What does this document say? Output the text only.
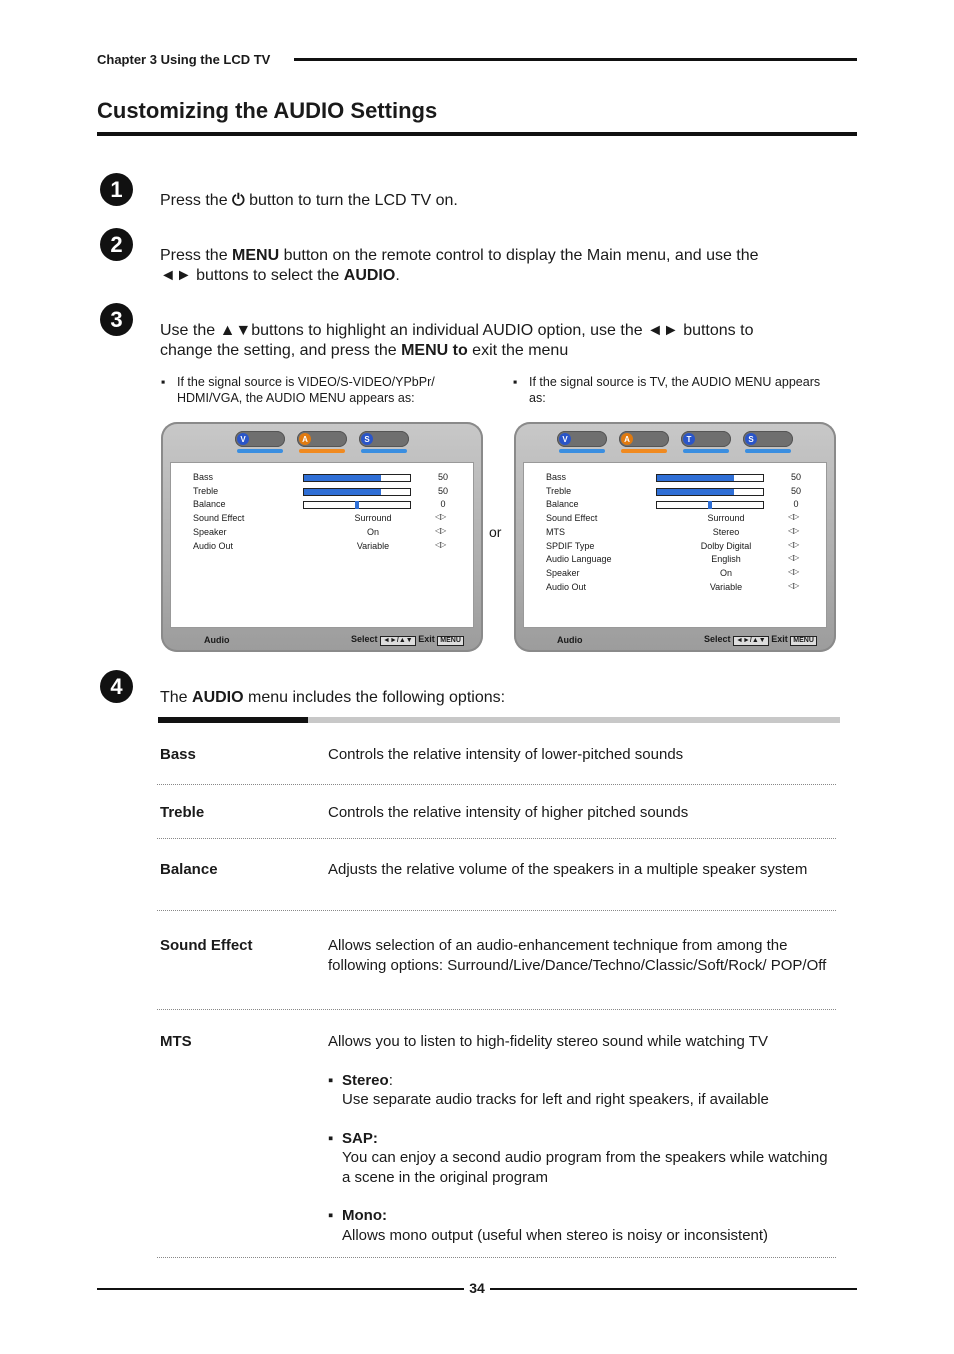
Chapter 3 Using the LCD TV
Customizing the AUDIO Settings
1	Press the ⏻ button to turn the LCD TV on.
2	Press the MENU button on the remote control to display the Main menu, and use the
◄► buttons to select the AUDIO.
3	Use the ▲▼buttons to highlight an individual AUDIO option, use the ◄► buttons to
change the setting, and press the MENU to exit the menu
▪ If the signal source is VIDEO/S-VIDEO/YPbPr/ HDMI/VGA, the AUDIO MENU appears as:
▪ If the signal source is TV, the AUDIO MENU appears as:
V	A	S
Bass	50
Treble	50
Balance	0
Sound Effect	Surround	◁▷
Speaker	On	◁▷
Audio Out	Variable	◁▷
Audio	Select ◄►/▲▼ Exit MENU
or
V	A	T	S
Bass	50
Treble	50
Balance	0
Sound Effect	Surround	◁▷
MTS	Stereo	◁▷
SPDIF Type	Dolby Digital	◁▷
Audio Language	English	◁▷
Speaker	On	◁▷
Audio Out	Variable	◁▷
Audio	Select ◄►/▲▼ Exit MENU
4	The AUDIO menu includes the following options:
Bass	Controls the relative intensity of lower-pitched sounds
Treble	Controls the relative intensity of higher pitched sounds
Balance	Adjusts the relative volume of the speakers in a multiple speaker system
Sound Effect	Allows selection of an audio-enhancement technique from among the following options: Surround/Live/Dance/Techno/Classic/Soft/Rock/ POP/Off
MTS	Allows you to listen to high-fidelity stereo sound while watching TV
▪ Stereo:
Use separate audio tracks for left and right speakers, if available
▪ SAP:
You can enjoy a second audio program from the speakers while watching a scene in the original program
▪ Mono:
Allows mono output (useful when stereo is noisy or inconsistent)
34
